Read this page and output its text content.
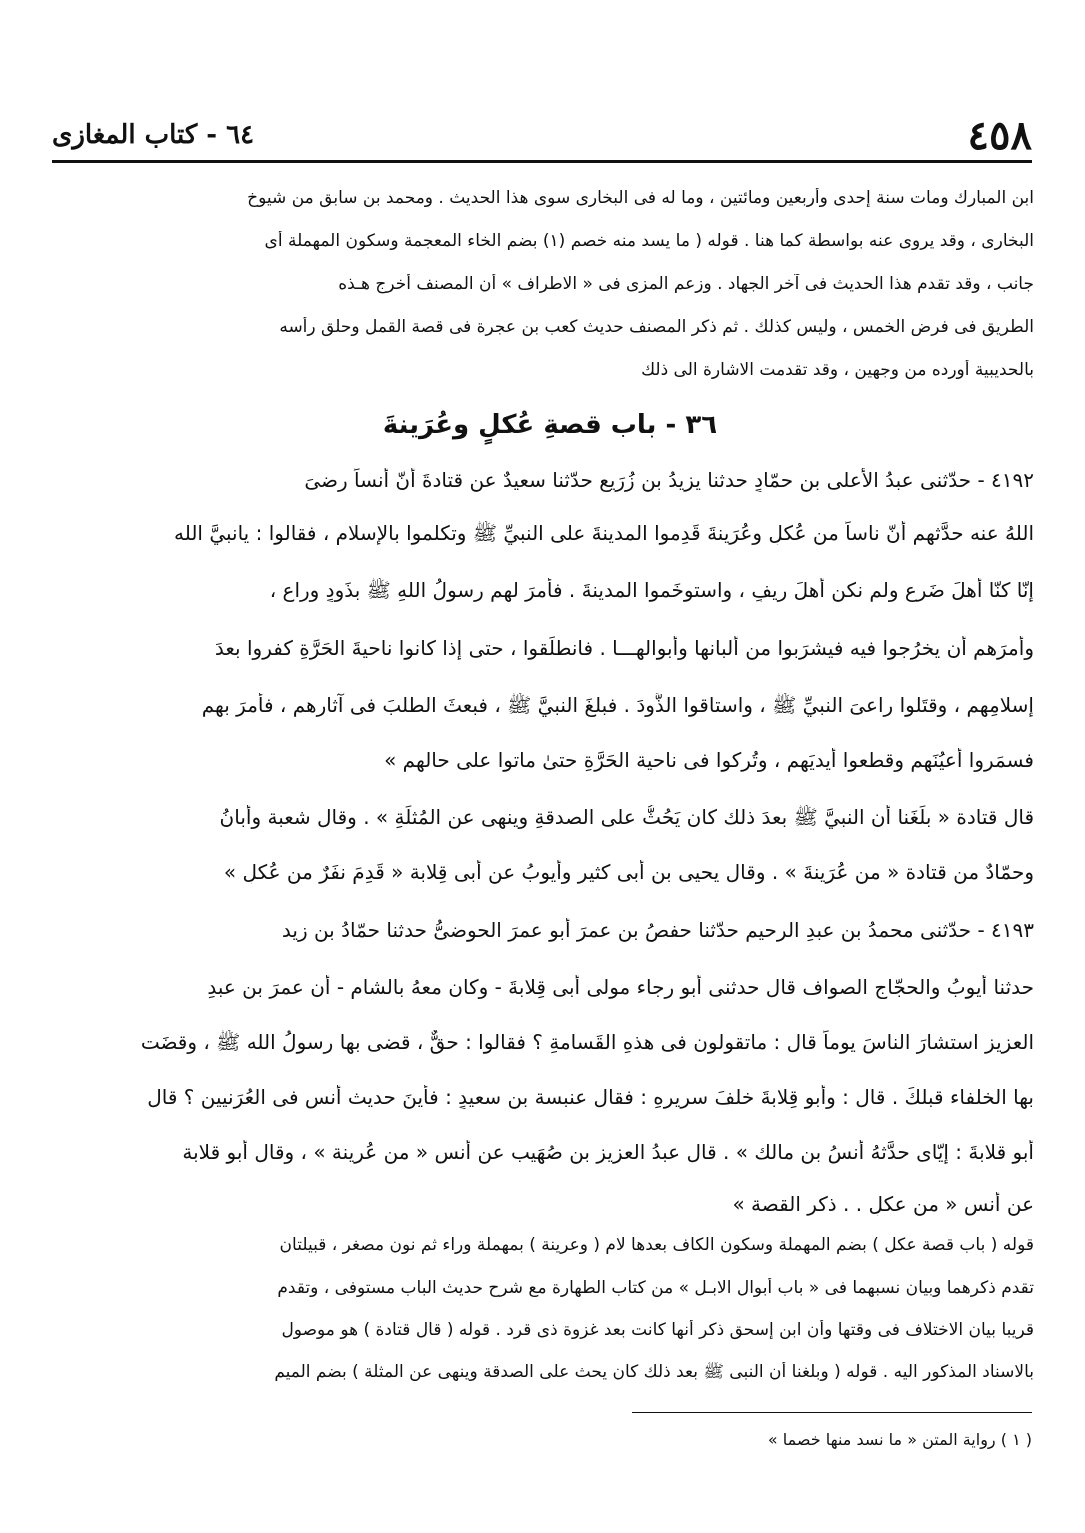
٤٥٨
٦٤ - كتاب المغازى
ابن المبارك ومات سنة إحدى وأربعين ومائتين ، وما له فى البخارى سوى هذا الحديث . ومحمد بن سابق من شيوخ
البخارى ، وقد يروى عنه بواسطة كما هنا . قوله ( ما يسد منه خصم (١) بضم الخاء المعجمة وسكون المهملة أى
جانب ، وقد تقدم هذا الحديث فى آخر الجهاد . وزعم المزى فى « الاطراف » أن المصنف أخرج هـذه
الطريق فى فرض الخمس ، وليس كذلك . ثم ذكر المصنف حديث كعب بن عجرة فى قصة القمل وحلق رأسه
بالحديبية أورده من وجهين ، وقد تقدمت الاشارة الى ذلك
٣٦ - باب قصةِ عُكلٍ وعُرَينةَ
٤١٩٢ - حدّثنى عبدُ الأعلى بن حمّادٍ حدثنا يزيدُ بن زُرَيعٍ حدّثنا سعيدٌ عن قتادةَ أنّ أنساً رضىَ
اللهُ عنه حدَّثهم أنّ ناساً من عُكلٍ وعُرَينةَ قَدِموا المدينةَ على النبيِّ ﷺ وتكلموا بالإسلام ، فقالوا : يانبيَّ الله
إنّا كنّا أهلَ ضَرعٍ ولم نكن أهلَ رِيفٍ ، واستوخَموا المدينةَ . فأمرَ لهم رسولُ اللهِ ﷺ بذَودٍ وراعٍ ،
وأمرَهم أن يخرُجوا فيه فيشرَبوا من ألبانها وأبوالهـــا . فانطلَقوا ، حتى إذا كانوا ناحيةَ الحَرَّةِ كفروا بعدَ
إسلامِهم ، وقتَلوا راعىَ النبيِّ ﷺ ، واستاقوا الذَّودَ . فبلغَ النبيَّ ﷺ ، فبعثَ الطلبَ فى آثارهم ، فأمرَ بهم
فسمَروا أعيُنَهم وقطعوا أيديَهم ، وتُركوا فى ناحية الحَرَّةِ حتىٰ ماتوا على حالهم »
قال قتادة « بلَغَنا أن النبيَّ ﷺ بعدَ ذلك كان يَحُثُّ على الصدقةِ وينهى عن المُثلَةِ » . وقال شعبة وأبانُ
وحمّادٌ من قتادة « من عُرَينةَ » . وقال يحيى بن أبى كثير وأيوبُ عن أبى قِلابة « قَدِمَ نفَرٌ من عُكلٍ »
٤١٩٣ - حدّثنى محمدُ بن عبدِ الرحيم حدّثنا حفصُ بن عمرَ أبو عمرَ الحوضىُّ حدثنا حمّادُ بن زيد
حدثنا أيوبُ والحجّاج الصواف قال حدثنى أبو رجاء مولى أبى قِلابةَ - وكان معهُ بالشام - أن عمرَ بن عبدِ
العزيز استشارَ الناسَ يوماً قال : ماتقولون فى هذهِ القَسامةِ ؟ فقالوا : حقٌّ ، قضى بها رسولُ الله ﷺ ، وقضَت
بها الخلفاء قبلكَ . قال : وأبو قِلابةَ خلفَ سريرهِ : فقال عنبسة بن سعيدٍ : فأينَ حديث أنس فى العُرَنيين ؟ قال
أبو قلابةَ : إيّاى حدَّثهُ أنسُ بن مالك » . قال عبدُ العزيز بن صُهَيب عن أنس « من عُرينة » ، وقال أبو قلابة
عن أنس « من عكلٍ . . ذكر القصة »
قوله ( باب قصة عكل ) بضم المهملة وسكون الكاف بعدها لام ( وعرينة ) بمهملة وراء ثم نون مصغر ، قبيلتان
تقدم ذكرهما وبيان نسبهما فى « باب أبوال الابـل » من كتاب الطهارة مع شرح حديث الباب مستوفى ، وتقدم
قريبا بيان الاختلاف فى وقتها وأن ابن إسحق ذكر أنها كانت بعد غزوة ذى قرد . قوله ( قال قتادة ) هو موصول
بالاسناد المذكور اليه . قوله ( وبلغنا أن النبى ﷺ بعد ذلك كان يحث على الصدقة وينهى عن المثلة ) بضم الميم
( ١ ) رواية المتن « ما نسد منها خصما »
